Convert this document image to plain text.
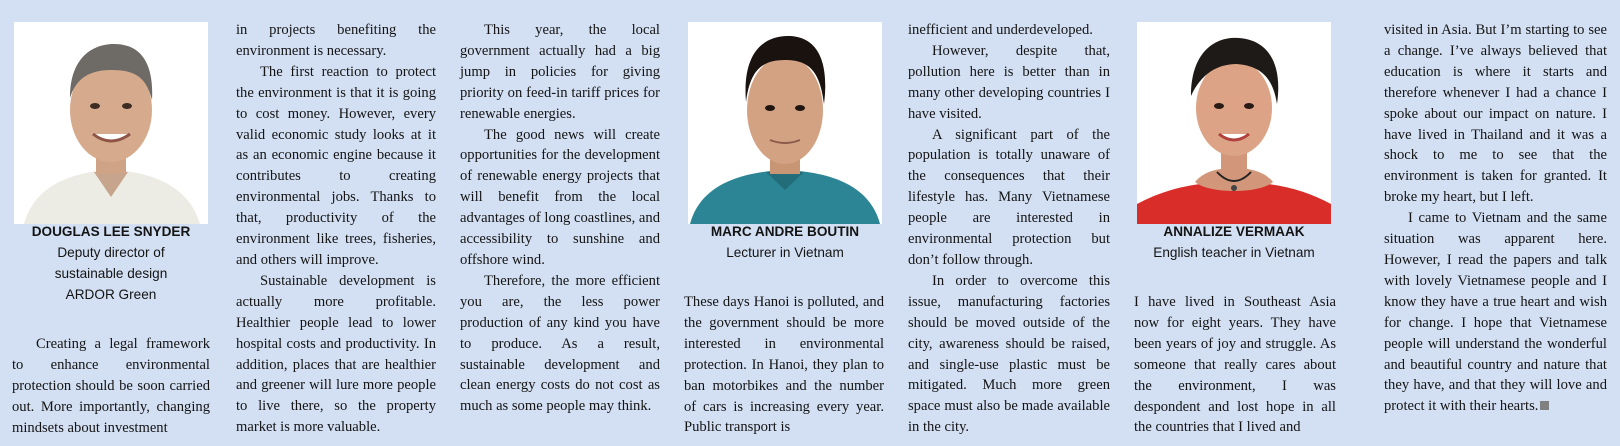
DOUGLAS LEE SNYDER
Deputy director of
sustainable design
ARDOR Green

Creating a legal framework to enhance environmental protection should be soon carried out. More importantly, changing mindsets about investment

in projects benefiting the environment is necessary.

The first reaction to protect the environment is that it is going to cost money. However, every valid economic study looks at it as an economic engine because it contributes to creating environmental jobs. Thanks to that, productivity of the environment like trees, fisheries, and others will improve.

Sustainable development is actually more profitable. Healthier people lead to lower hospital costs and productivity. In addition, places that are healthier and greener will lure more people to live there, so the property market is more valuable.

This year, the local government actually had a big jump in policies for giving priority on feed-in tariff prices for renewable energies.

The good news will create opportunities for the development of renewable energy projects that will benefit from the local advantages of long coastlines, and accessibility to sunshine and offshore wind.

Therefore, the more efficient you are, the less power production of any kind you have to produce. As a result, sustainable development and clean energy costs do not cost as much as some people may think.

MARC ANDRE BOUTIN
Lecturer in Vietnam

These days Hanoi is polluted, and the government should be more interested in environmental protection. In Hanoi, they plan to ban motorbikes and the number of cars is increasing every year. Public transport is

inefficient and underdeveloped.

However, despite that, pollution here is better than in many other developing countries I have visited.

A significant part of the population is totally unaware of the consequences that their lifestyle has. Many Vietnamese people are interested in environmental protection but don’t follow through.

In order to overcome this issue, manufacturing factories should be moved outside of the city, awareness should be raised, and single-use plastic must be mitigated. Much more green space must also be made available in the city.

ANNALIZE VERMAAK
English teacher in Vietnam

I have lived in Southeast Asia now for eight years. They have been years of joy and struggle. As someone that really cares about the environment, I was despondent and lost hope in all the countries that I lived and

visited in Asia. But I’m starting to see a change. I’ve always believed that education is where it starts and therefore whenever I had a chance I spoke about our impact on nature. I have lived in Thailand and it was a shock to me to see that the environment is taken for granted. It broke my heart, but I left.

I came to Vietnam and the same situation was apparent here. However, I read the papers and talk with lovely Vietnamese people and I know they have a true heart and wish for change. I hope that Vietnamese people will understand the wonderful and beautiful country and nature that they have, and that they will love and protect it with their hearts.
